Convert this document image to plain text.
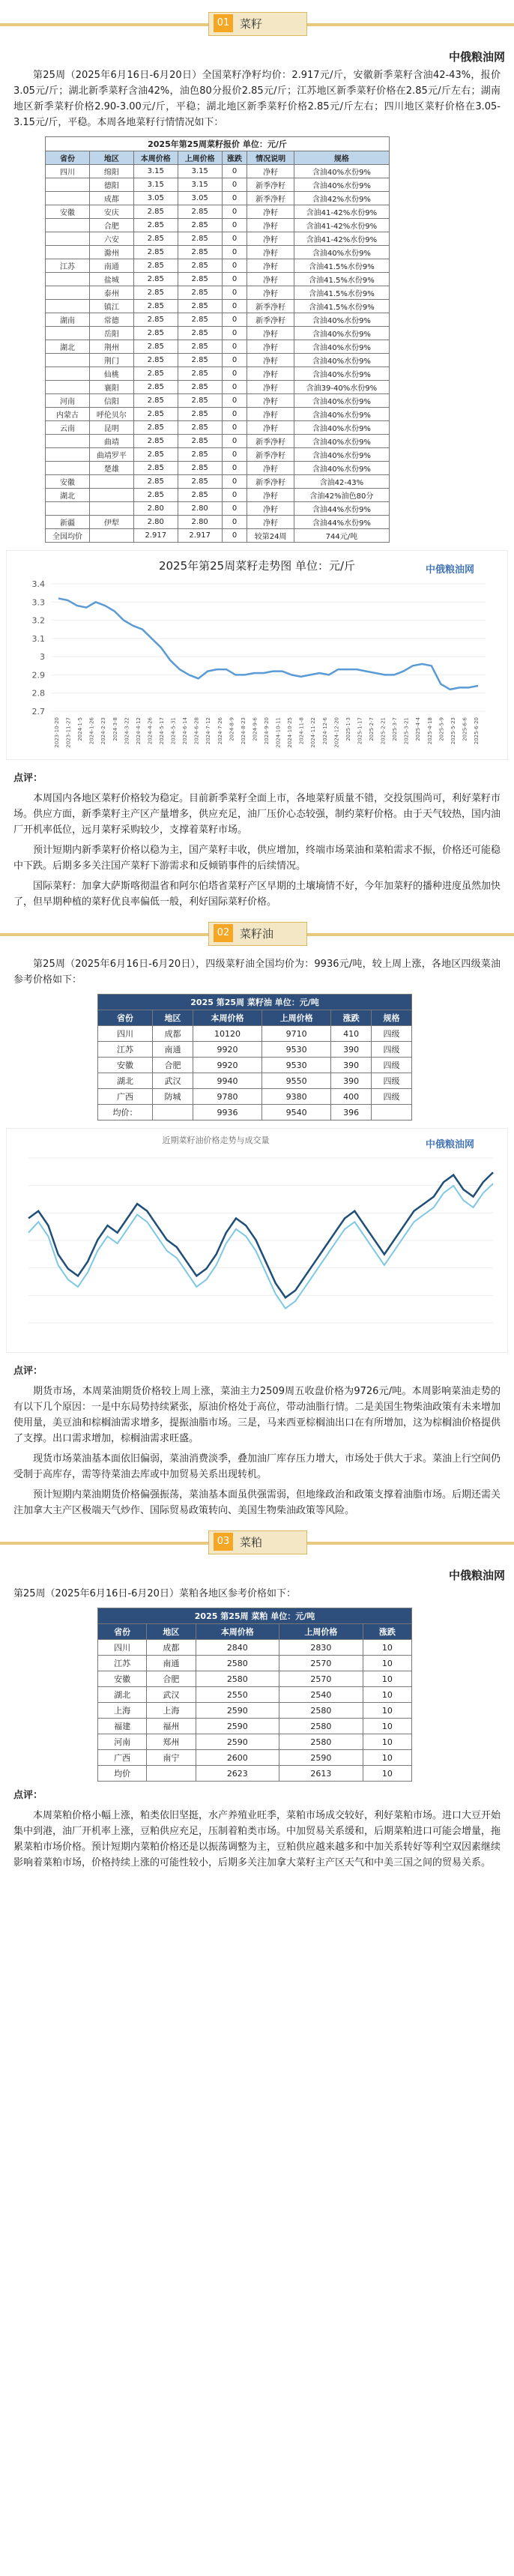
01 菜籽
中俄粮油网

第25周（2025年6月16日-6月20日）全国菜籽净籽均价：2.917元/斤，安徽新季菜籽含油42-43%，报价3.05元/斤；湖北新季菜籽含油42%，油色80分报价2.85元/斤；江苏地区新季菜籽价格在2.85元/斤左右；湖南地区新季菜籽价格2.90-3.00元/斤，平稳；湖北地区新季菜籽价格2.85元/斤左右；四川地区菜籽价格在3.05-3.15元/斤，平稳。本周各地菜籽行情情况如下：

2025年第25周菜籽报价 单位：元/斤						
省份	地区	本周价格	上周价格	涨跌	情况说明	规格
四川	绵阳	3.15	3.15	0	净籽	含油40%水份9%
	德阳	3.15	3.15	0	新季净籽	含油40%水份9%
	成都	3.05	3.05	0	新季净籽	含油42%水份9%
安徽	安庆	2.85	2.85	0	净籽	含油41-42%水份9%
	合肥	2.85	2.85	0	净籽	含油41-42%水份9%
	六安	2.85	2.85	0	净籽	含油41-42%水份9%
	滁州	2.85	2.85	0	净籽	含油40%水份9%
江苏	南通	2.85	2.85	0	净籽	含油41.5%水份9%
	盐城	2.85	2.85	0	净籽	含油41.5%水份9%
	泰州	2.85	2.85	0	净籽	含油41.5%水份9%
	镇江	2.85	2.85	0	新季净籽	含油41.5%水份9%
湖南	常德	2.85	2.85	0	新季净籽	含油40%水份9%
	岳阳	2.85	2.85	0	净籽	含油40%水份9%
湖北	荆州	2.85	2.85	0	净籽	含油40%水份9%
	荆门	2.85	2.85	0	净籽	含油40%水份9%
	仙桃	2.85	2.85	0	净籽	含油40%水份9%
	襄阳	2.85	2.85	0	净籽	含油39-40%水份9%
河南	信阳	2.85	2.85	0	净籽	含油40%水份9%
内蒙古	呼伦贝尔	2.85	2.85	0	净籽	含油40%水份9%
云南	昆明	2.85	2.85	0	净籽	含油40%水份9%
	曲靖	2.85	2.85	0	新季净籽	含油40%水份9%
	曲靖罗平	2.85	2.85	0	新季净籽	含油40%水份9%
	楚雄	2.85	2.85	0	净籽	含油40%水份9%
安徽		2.85	2.85	0	新季净籽	含油42-43%
湖北		2.85	2.85	0	净籽	含油42%油色80分
		2.80	2.80	0	净籽	含油44%水份9%
新疆	伊犁	2.80	2.80	0	净籽	含油44%水份9%
全国均价		2.917	2.917	0	较第24周	744元/吨
2025年第25周菜籽走势图 单位：元/斤	中俄粮油网
2.7
2.8
2.9
3
3.1
3.2
3.3
3.4
2023-10-20 2023-11-27 2024-1-5 2024-1-26 2024-2-23 2024-3-8 2024-3-22 2024-4-12 2024-4-26 2024-5-17 2024-5-31 2024-6-14 2024-6-28 2024-7-12 2024-7-26 2024-8-9 2024-8-23 2024-9-6 2024-9-20 2024-10-11 2024-10-25 2024-11-8 2024-11-22 2024-12-6 2024-12-20 2025-1-3 2025-1-17 2025-2-7 2025-2-21 2025-3-7 2025-3-21 2025-4-4 2025-4-18 2025-5-9 2025-5-23 2025-6-6 2025-6-20

点评：

本周国内各地区菜籽价格较为稳定。目前新季菜籽全面上市，各地菜籽质量不错，交投氛围尚可，利好菜籽市场。供应方面，新季菜籽主产区产量增多，供应充足，油厂压价心态较强，制约菜籽价格。由于天气较热，国内油厂开机率低位，远月菜籽采购较少，支撑着菜籽市场。

预计短期内新季菜籽价格以稳为主，国产菜籽丰收，供应增加，终端市场菜油和菜粕需求不振，价格还可能稳中下跌。后期多多关注国产菜籽下游需求和反倾销事件的后续情况。

国际菜籽：加拿大萨斯喀彻温省和阿尔伯塔省菜籽产区早期的土壤墒情不好，今年加菜籽的播种进度虽然加快了，但早期种植的菜籽优良率偏低一般，利好国际菜籽价格。

02 菜籽油

第25周（2025年6月16日-6月20日），四级菜籽油全国均价为：9936元/吨，较上周上涨，各地区四级菜油参考价格如下：

2025 第25周 菜籽油 单位：元/吨					
省份	地区	本周价格	上周价格	涨跌	规格
四川	成都	10120	9710	410	四级
江苏	南通	9920	9530	390	四级
安徽	合肥	9920	9530	390	四级
湖北	武汉	9940	9550	390	四级
广西	防城	9780	9380	400	四级
均价：		9936	9540	396	
近期菜籽油价格走势与成交量	中俄粮油网

点评：

期货市场，本周菜油期货价格较上周上涨，菜油主力2509周五收盘价格为9726元/吨。本周影响菜油走势的有以下几个原因：一是中东局势持续紧张，原油价格处于高位，带动油脂行情。二是美国生物柴油政策有未来增加使用量，美豆油和棕榈油需求增多，提振油脂市场。三是，马来西亚棕榈油出口在有所增加，这为棕榈油价格提供了支撑。出口需求增加，棕榈油需求旺盛。

现货市场菜油基本面依旧偏弱，菜油消费淡季，叠加油厂库存压力增大，市场处于供大于求。菜油上行空间仍受制于高库存，需等待菜油去库或中加贸易关系出现转机。

预计短期内菜油期货价格偏强振荡，菜油基本面虽供强需弱，但地缘政治和政策支撑着油脂市场。后期还需关注加拿大主产区极端天气炒作、国际贸易政策转向、美国生物柴油政策等风险。

03 菜粕
中俄粮油网

第25周（2025年6月16日-6月20日）菜粕各地区参考价格如下：

2025 第25周 菜粕 单位：元/吨				
省份	地区	本周价格	上周价格	涨跌
四川	成都	2840	2830	10
江苏	南通	2580	2570	10
安徽	合肥	2580	2570	10
湖北	武汉	2550	2540	10
上海	上海	2590	2580	10
福建	福州	2590	2580	10
河南	郑州	2590	2580	10
广西	南宁	2600	2590	10
均价		2623	2613	10

点评：

本周菜粕价格小幅上涨，粕类依旧坚挺，水产养殖业旺季，菜粕市场成交较好，利好菜粕市场。进口大豆开始集中到港，油厂开机率上涨，豆粕供应充足，压制着粕类市场。中加贸易关系缓和，后期菜粕进口可能会增量，拖累菜粕市场价格。预计短期内菜粕价格还是以振荡调整为主，豆粕供应越来越多和中加关系转好等利空双因素继续影响着菜粕市场，价格持续上涨的可能性较小，后期多关注加拿大菜籽主产区天气和中美三国之间的贸易关系。
